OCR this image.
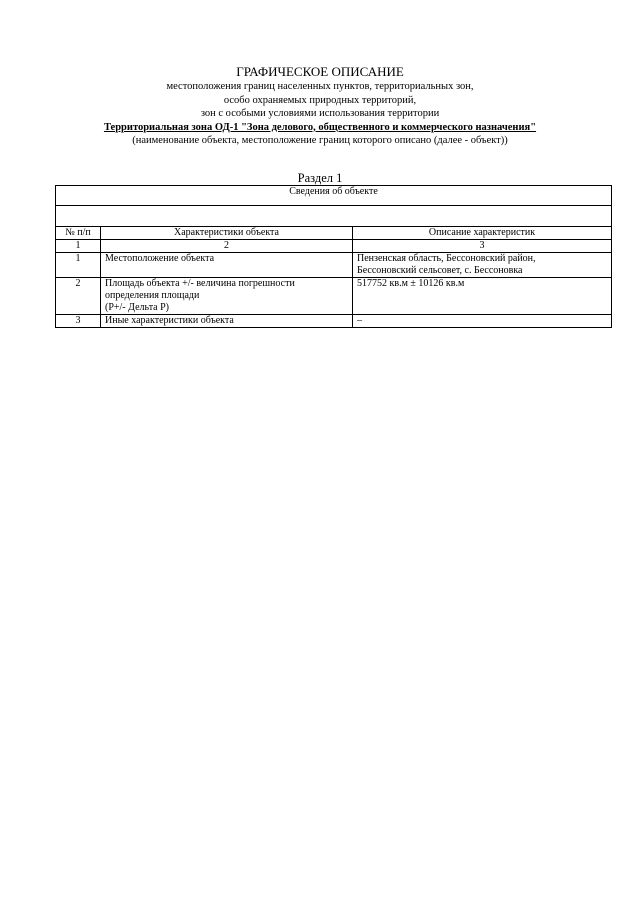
ГРАФИЧЕСКОЕ ОПИСАНИЕ
местоположения границ населенных пунктов, территориальных зон,
особо охраняемых природных территорий,
зон с особыми условиями использования территории
Территориальная зона ОД-1 "Зона делового, общественного и коммерческого назначения"
(наименование объекта, местоположение границ которого описано (далее - объект))
Раздел 1
Сведения об объекте		

№ п/п	Характеристики объекта	Описание характеристик
1	2	3
1	Местоположение объекта	Пензенская область, Бессоновский район,
Бессоновский сельсовет, с. Бессоновка

2	Площадь объекта +/- величина погрешности
определения площади
(P+/- Дельта P)	517752 кв.м ± 10126 кв.м

3	Иные характеристики объекта	–
